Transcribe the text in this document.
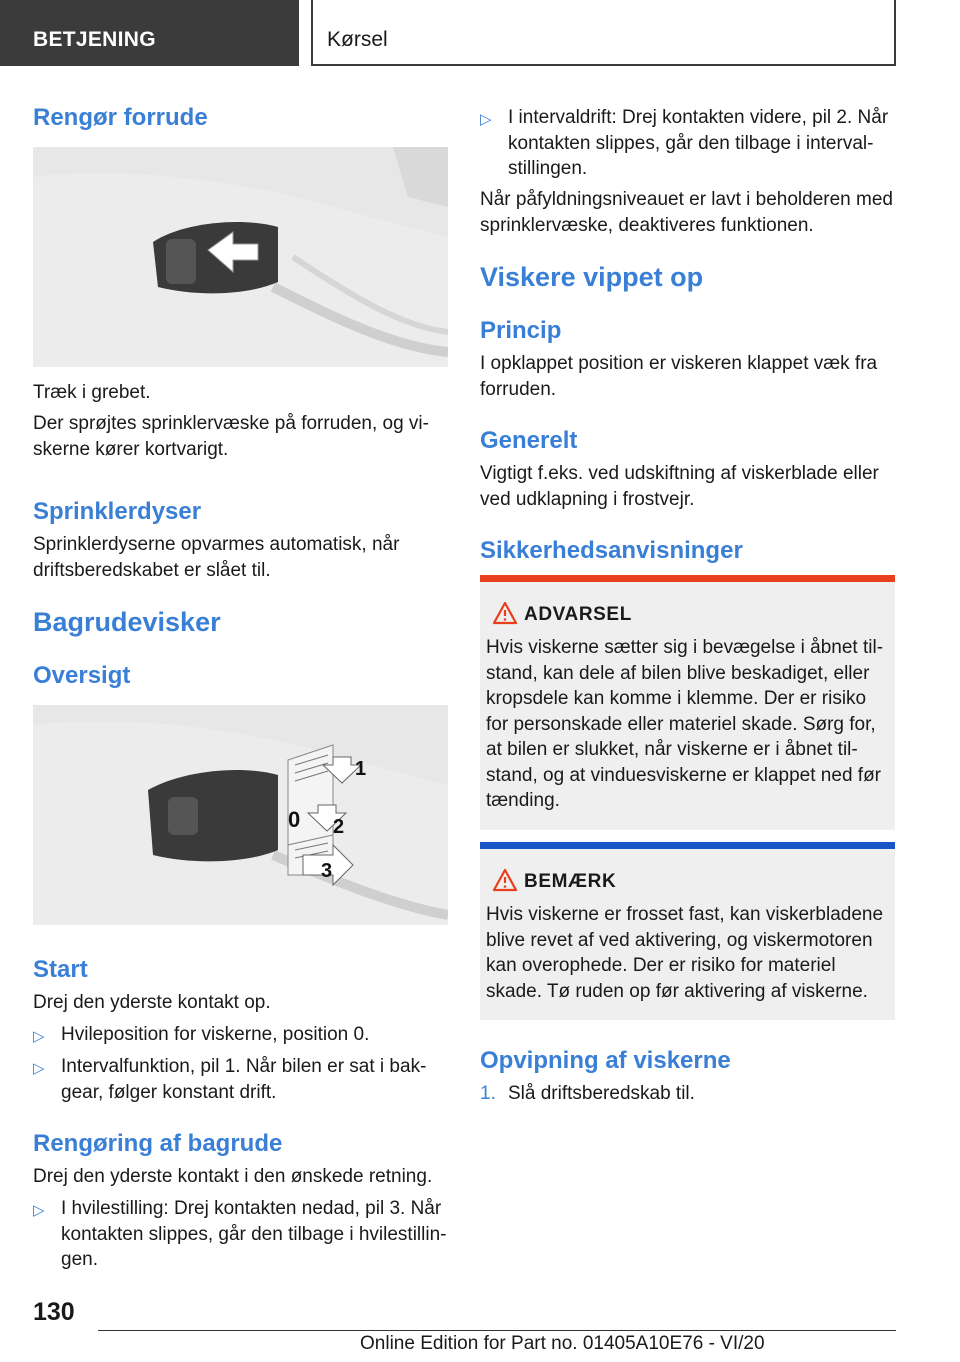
BETJENING	Kørsel
Rengør forrude
Træk i grebet.
Der sprøjtes sprinklervæske på forruden, og vi-skerne kører kortvarigt.
Sprinklerdyser
Sprinklerdyserne opvarmes automatisk, når driftsberedskabet er slået til.
Bagrudevisker
Oversigt
1
0 2
3
Start
Drej den yderste kontakt op.
▷ Hvileposition for viskerne, position 0.
▷ Intervalfunktion, pil 1. Når bilen er sat i bak-gear, følger konstant drift.
Rengøring af bagrude
Drej den yderste kontakt i den ønskede retning.
▷ I hvilestilling: Drej kontakten nedad, pil 3. Når kontakten slippes, går den tilbage i hvilestillin-gen.
▷ I intervaldrift: Drej kontakten videre, pil 2. Når kontakten slippes, går den tilbage i interval-stillingen.
Når påfyldningsniveauet er lavt i beholderen med sprinklervæske, deaktiveres funktionen.
Viskere vippet op
Princip
I opklappet position er viskeren klappet væk fra forruden.
Generelt
Vigtigt f.eks. ved udskiftning af viskerblade eller ved udklapning i frostvejr.
Sikkerhedsanvisninger
ADVARSEL
Hvis viskerne sætter sig i bevægelse i åbnet til-stand, kan dele af bilen blive beskadiget, eller kropsdele kan komme i klemme. Der er risiko for personskade eller materiel skade. Sørg for, at bilen er slukket, når viskerne er i åbnet til-stand, og at vinduesviskerne er klappet ned før tænding.
BEMÆRK
Hvis viskerne er frosset fast, kan viskerbladene blive revet af ved aktivering, og viskermotoren kan overophede. Der er risiko for materiel skade. Tø ruden op før aktivering af viskerne.
Opvipning af viskerne
1. Slå driftsberedskab til.
130
Online Edition for Part no. 01405A10E76 - VI/20
